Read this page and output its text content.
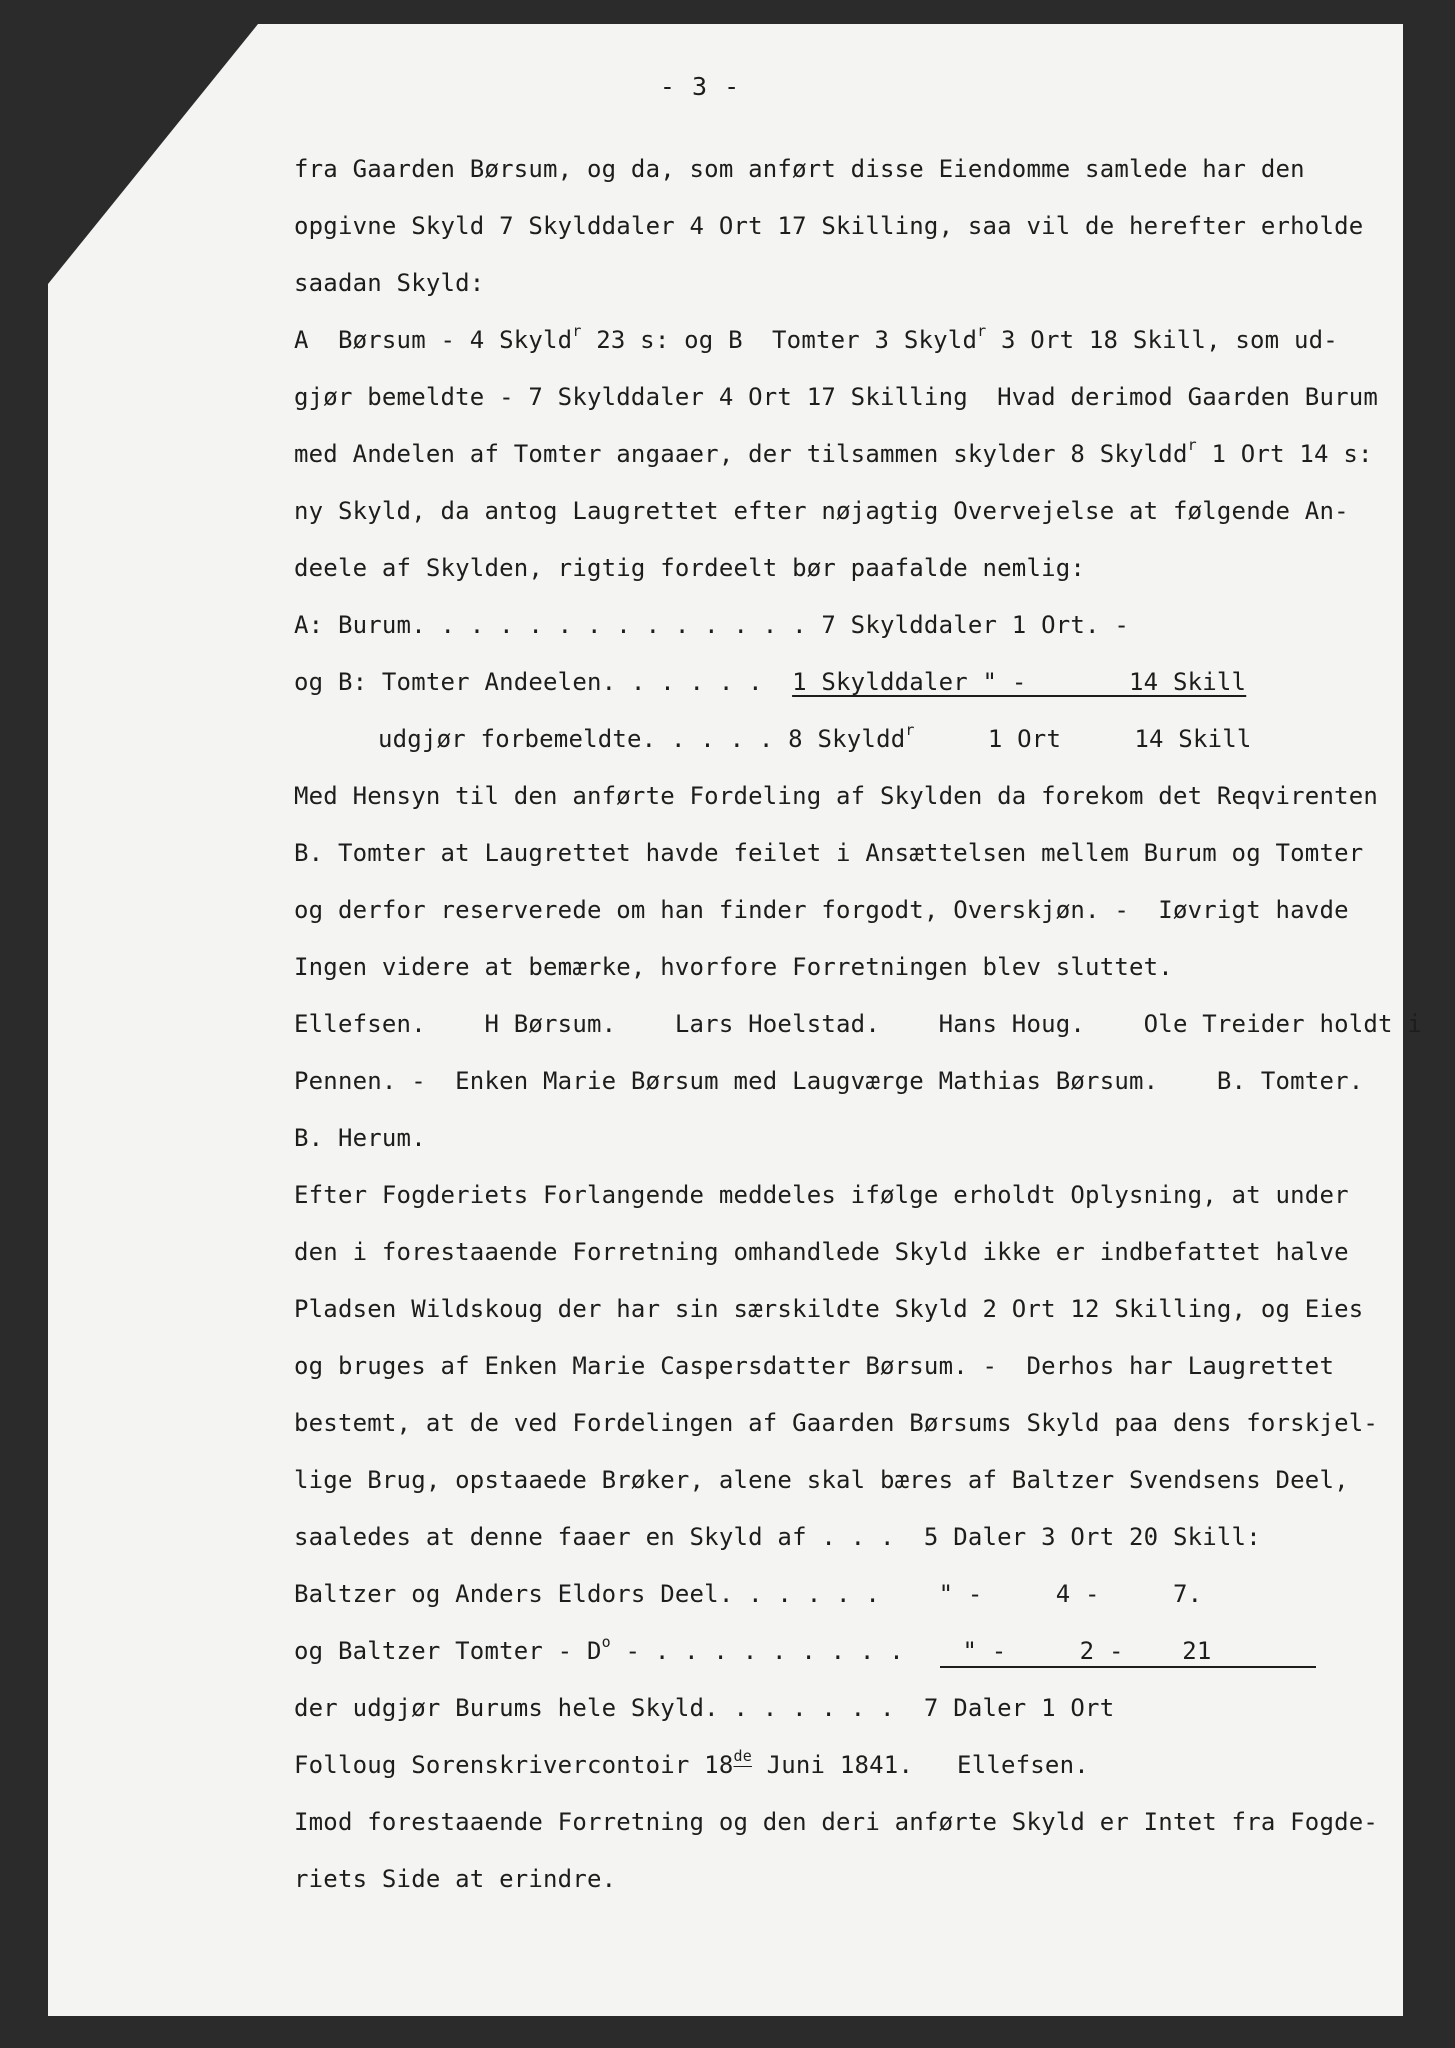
- 3 -
fra Gaarden Børsum, og da, som anført disse Eiendomme samlede har den
opgivne Skyld 7 Skylddaler 4 Ort 17 Skilling, saa vil de herefter erholde
saadan Skyld:
A  Børsum - 4 Skyld$^r$ 23 s: og B  Tomter 3 Skyld$^r$ 3 Ort 18 Skill, som ud-
gjør bemeldte - 7 Skylddaler 4 Ort 17 Skilling  Hvad derimod Gaarden Burum
med Andelen af Tomter angaaer, der tilsammen skylder 8 Skyldd$^r$ 1 Ort 14 s:
ny Skyld, da antog Laugrettet efter nøjagtig Overvejelse at følgende An-
deele af Skylden, rigtig fordeelt bør paafalde nemlig:
A: Burum. . . . . . . . . . . . . . 7 Skylddaler 1 Ort. -
og B: Tomter Andeelen. . . . . .  1 Skylddaler " -       14 Skill
udgjør forbemeldte. . . . . 8 Skyldd$^r$     1 Ort     14 Skill
Med Hensyn til den anførte Fordeling af Skylden da forekom det Reqvirenten
B. Tomter at Laugrettet havde feilet i Ansættelsen mellem Burum og Tomter
og derfor reserverede om han finder forgodt, Overskjøn. -  Iøvrigt havde
Ingen videre at bemærke, hvorfore Forretningen blev sluttet.
Ellefsen.    H Børsum.    Lars Hoelstad.    Hans Houg.    Ole Treider holdt i
Pennen. -  Enken Marie Børsum med Laugværge Mathias Børsum.    B. Tomter.
B. Herum.
Efter Fogderiets Forlangende meddeles ifølge erholdt Oplysning, at under
den i forestaaende Forretning omhandlede Skyld ikke er indbefattet halve
Pladsen Wildskoug der har sin særskildte Skyld 2 Ort 12 Skilling, og Eies
og bruges af Enken Marie Caspersdatter Børsum. -  Derhos har Laugrettet
bestemt, at de ved Fordelingen af Gaarden Børsums Skyld paa dens forskjel-
lige Brug, opstaaede Brøker, alene skal bæres af Baltzer Svendsens Deel,
saaledes at denne faaer en Skyld af . . .  5 Daler 3 Ort 20 Skill:
Baltzer og Anders Eldors Deel. . . . . .    " -     4 -     7.
og Baltzer Tomter - $D^o$ - . . . . . . . . .    " -     2 -    21
der udgjør Burums hele Skyld. . . . . . .  7 Daler 1 Ort
Folloug Sorenskrivercontoir 18de Juni 1841.   Ellefsen.
Imod forestaaende Forretning og den deri anførte Skyld er Intet fra Fogde-
riets Side at erindre.
